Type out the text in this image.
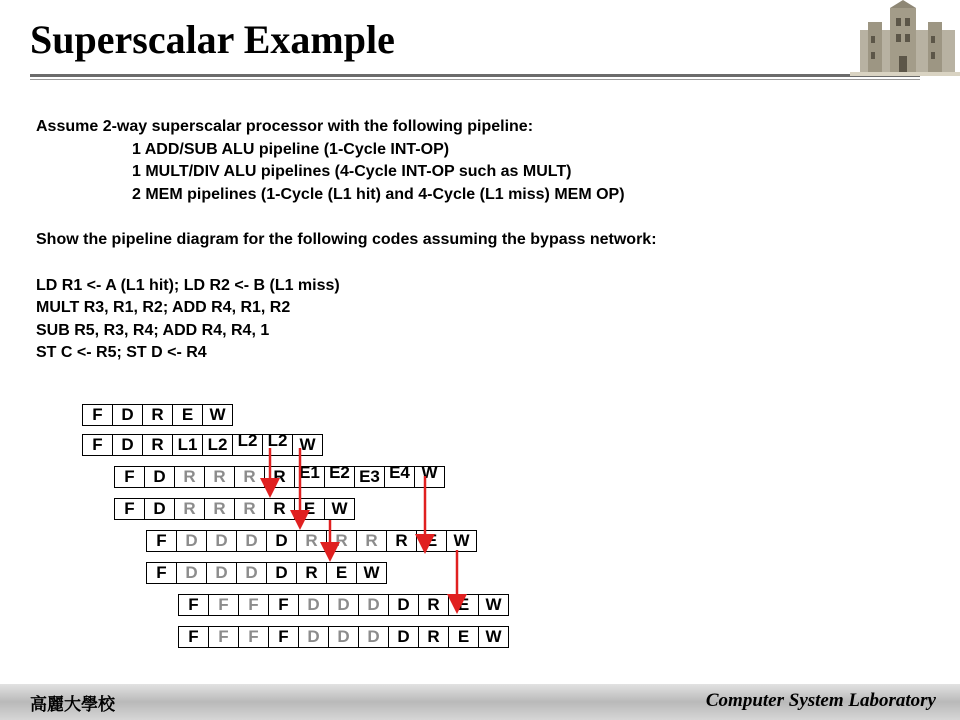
Superscalar Example
Assume 2-way superscalar processor with the following pipeline:
1 ADD/SUB ALU pipeline (1-Cycle INT-OP)
1 MULT/DIV ALU pipelines (4-Cycle INT-OP such as MULT)
2 MEM pipelines (1-Cycle (L1 hit) and 4-Cycle (L1 miss) MEM OP)
Show the pipeline diagram for the following codes assuming the bypass network:
LD R1 <- A (L1 hit); LD R2 <- B (L1 miss)
MULT R3, R1, R2; ADD R4, R1, R2
SUB R5, R3, R4; ADD R4, R4, 1
ST C <- R5; ST D <- R4
F	D	R	E W
F	D	R L1 L2 L2 L2 W
F	D	R	R	R	R E1 E2 E3 E4 W
F	D	R	R	R	R	E W
F	D	D	D	D	R	R	R	R	E W
F	D	D	D	D	R	E W
F	F	F	F	D	D	D	D	R	E W
F	F	F	F	D	D	D	D	R	E W
高麗大學校	Computer System Laboratory
